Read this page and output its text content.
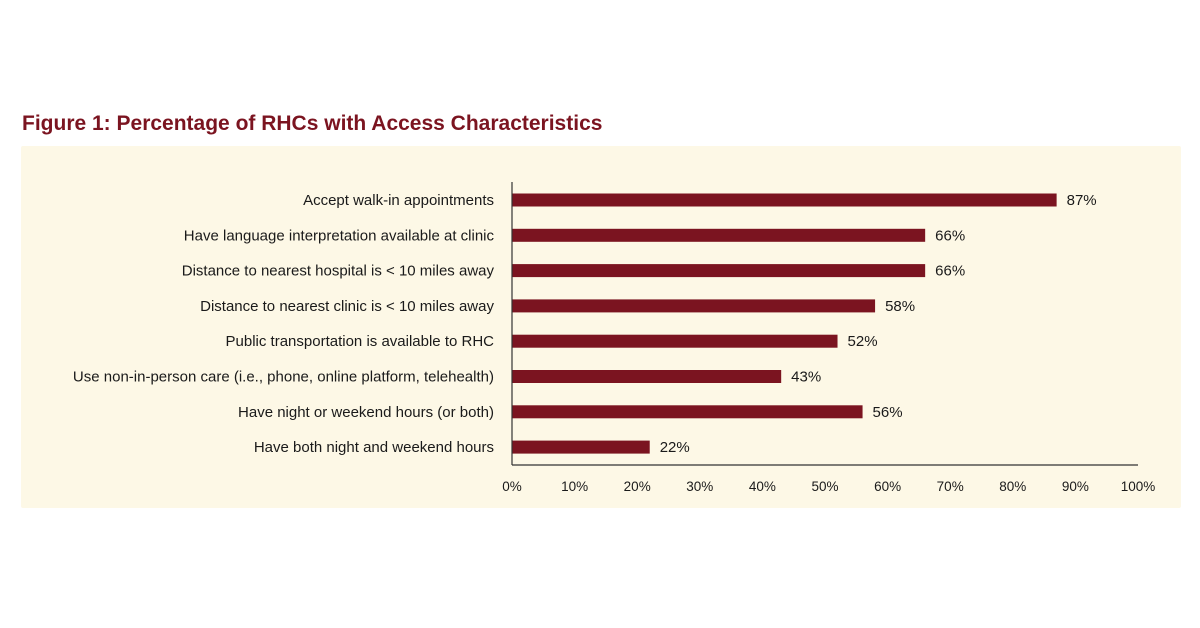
Figure 1: Percentage of RHCs with Access Characteristics
Accept walk-in appointments	87%
Have language interpretation available at clinic	66%
Distance to nearest hospital is < 10 miles away	66%
Distance to nearest clinic is < 10 miles away	58%
Public transportation is available to RHC	52%
Use non-in-person care (i.e., phone, online platform, telehealth)	43%
Have night or weekend hours (or both)	56%
Have both night and weekend hours	22%
0%	10%	20%	30%	40%	50%	60%	70%	80%	90% 100%
